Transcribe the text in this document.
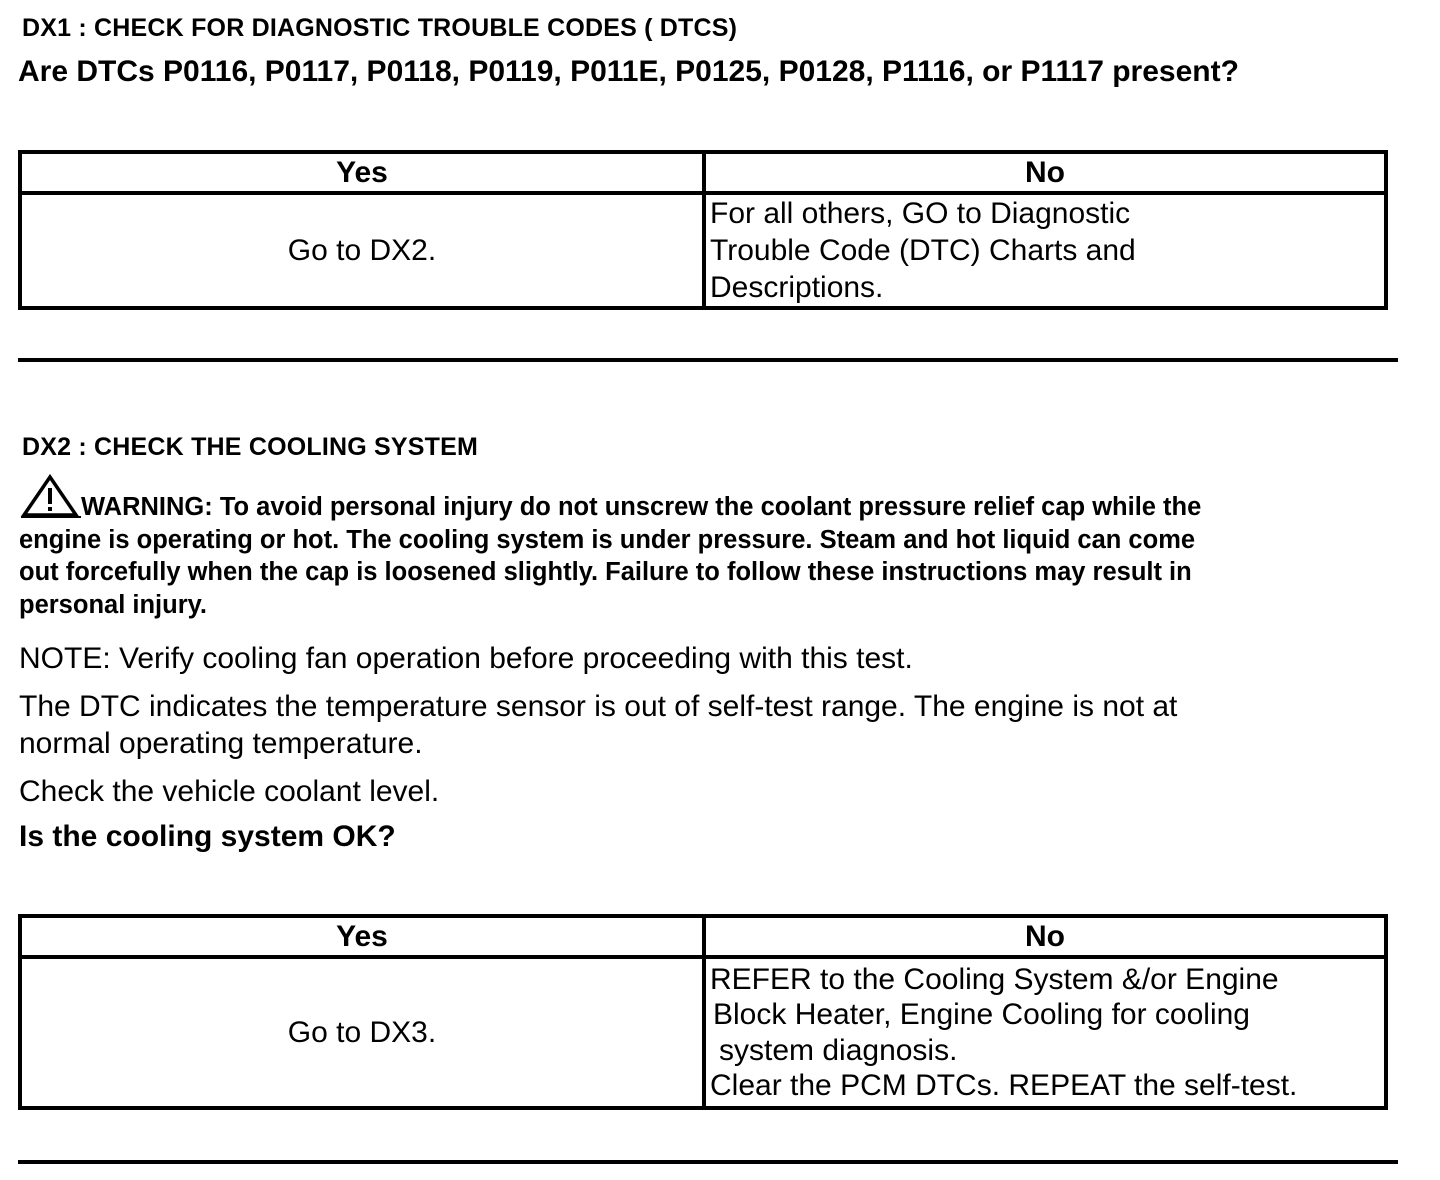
DX1 : CHECK FOR DIAGNOSTIC TROUBLE CODES ( DTCS)
Are DTCs P0116, P0117, P0118, P0119, P011E, P0125, P0128, P1116, or P1117 present?
Yes	No
Go to DX2.	For all others, GO to Diagnostic
Trouble Code (DTC) Charts and
Descriptions.
DX2 : CHECK THE COOLING SYSTEM
WARNING: To avoid personal injury do not unscrew the coolant pressure relief cap while the
engine is operating or hot. The cooling system is under pressure. Steam and hot liquid can come
out forcefully when the cap is loosened slightly. Failure to follow these instructions may result in
personal injury.
NOTE: Verify cooling fan operation before proceeding with this test.
The DTC indicates the temperature sensor is out of self-test range. The engine is not at
normal operating temperature.
Check the vehicle coolant level.
Is the cooling system OK?
Yes	No
Go to DX3.	REFER to the Cooling System &/or Engine
Block Heater, Engine Cooling for cooling
system diagnosis.
Clear the PCM DTCs. REPEAT the self-test.
